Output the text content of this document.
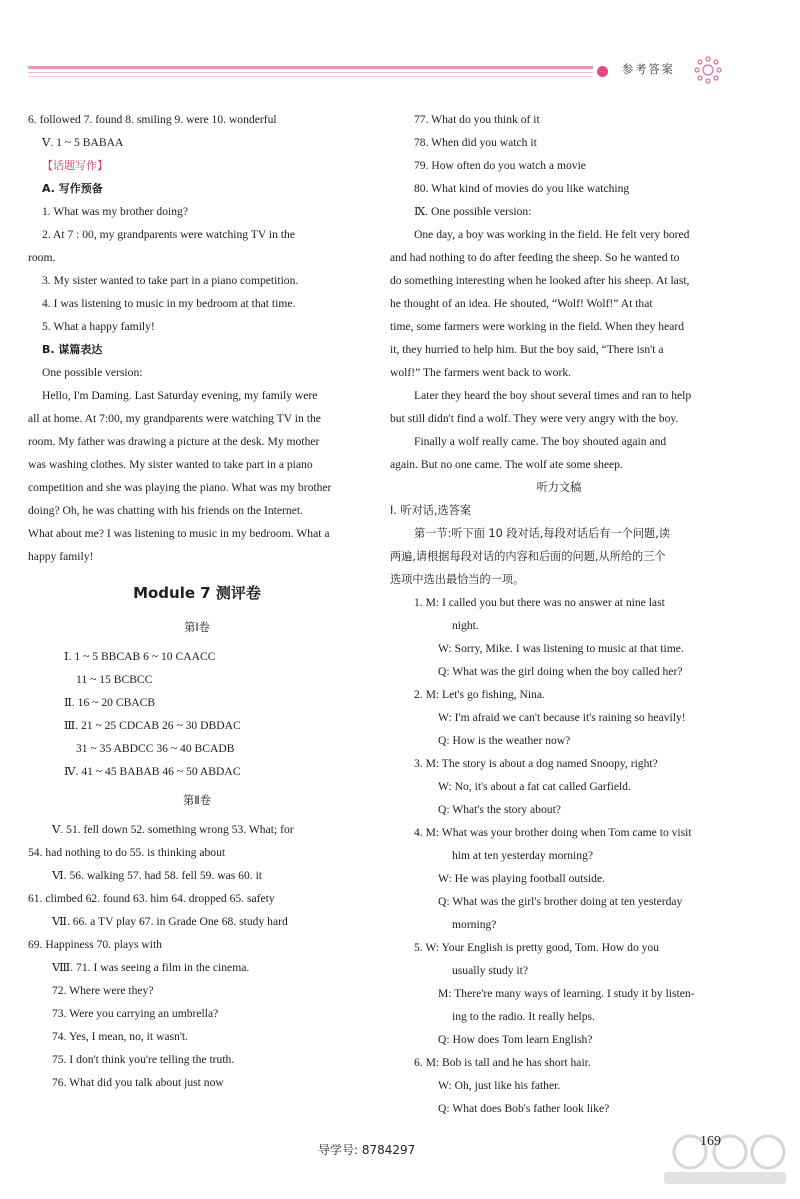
参考答案
6. followed 7. found 8. smiling 9. were 10. wonderful
Ⅴ. 1 ~ 5 BABAA
【话题写作】
A. 写作预备
1. What was my brother doing?

2. At 7 : 00, my grandparents were watching TV in the

room.

3. My sister wanted to take part in a piano competition.
4. I was listening to music in my bedroom at that time.
5. What a happy family!
B. 谋篇表达
One possible version:

Hello, I'm Daming. Last Saturday evening, my family were

all at home. At 7:00, my grandparents were watching TV in the

room. My father was drawing a picture at the desk. My mother

was washing clothes. My sister wanted to take part in a piano

competition and she was playing the piano. What was my brother

doing? Oh, he was chatting with his friends on the Internet.

What about me? I was listening to music in my bedroom. What a

happy family!

Module 7 测评卷
第Ⅰ卷
Ⅰ. 1 ~ 5 BBCAB 6 ~ 10 CAACC
11 ~ 15 BCBCC
Ⅱ. 16 ~ 20 CBACB
Ⅲ. 21 ~ 25 CDCAB 26 ~ 30 DBDAC
31 ~ 35 ABDCC 36 ~ 40 BCADB
Ⅳ. 41 ~ 45 BABAB 46 ~ 50 ABDAC
第Ⅱ卷
Ⅴ. 51. fell down 52. something wrong 53. What; for
54. had nothing to do 55. is thinking about
Ⅵ. 56. walking 57. had 58. fell 59. was 60. it
61. climbed 62. found 63. him 64. dropped 65. safety
Ⅶ. 66. a TV play 67. in Grade One 68. study hard
69. Happiness 70. plays with
Ⅷ. 71. I was seeing a film in the cinema.
72. Where were they?
73. Were you carrying an umbrella?
74. Yes, I mean, no, it wasn't.
75. I don't think you're telling the truth.
76. What did you talk about just now
77. What do you think of it
78. When did you watch it
79. How often do you watch a movie
80. What kind of movies do you like watching
Ⅸ. One possible version:

One day, a boy was working in the field. He felt very bored

and had nothing to do after feeding the sheep. So he wanted to

do something interesting when he looked after his sheep. At last,

he thought of an idea. He shouted, “Wolf! Wolf!” At that

time, some farmers were working in the field. When they heard

it, they hurried to help him. But the boy said, “There isn't a

wolf!” The farmers went back to work.

Later they heard the boy shout several times and ran to help

but still didn't find a wolf. They were very angry with the boy.

Finally a wolf really came. The boy shouted again and

again. But no one came. The wolf ate some sheep.

听力文稿
Ⅰ. 听对话,选答案
第一节:听下面 10 段对话,每段对话后有一个问题,读
两遍,请根据每段对话的内容和后面的问题,从所给的三个
选项中选出最恰当的一项。
1. M: I called you but there was no answer at nine last
night.
W: Sorry, Mike. I was listening to music at that time.
Q: What was the girl doing when the boy called her?
2. M: Let's go fishing, Nina.
W: I'm afraid we can't because it's raining so heavily!
Q: How is the weather now?
3. M: The story is about a dog named Snoopy, right?
W: No, it's about a fat cat called Garfield.
Q: What's the story about?
4. M: What was your brother doing when Tom came to visit
him at ten yesterday morning?
W: He was playing football outside.
Q: What was the girl's brother doing at ten yesterday
morning?
5. W: Your English is pretty good, Tom. How do you
usually study it?
M: There're many ways of learning. I study it by listen-
ing to the radio. It really helps.
Q: How does Tom learn English?
6. M: Bob is tall and he has short hair.
W: Oh, just like his father.
Q: What does Bob's father look like?
导学号: 8784297
169
